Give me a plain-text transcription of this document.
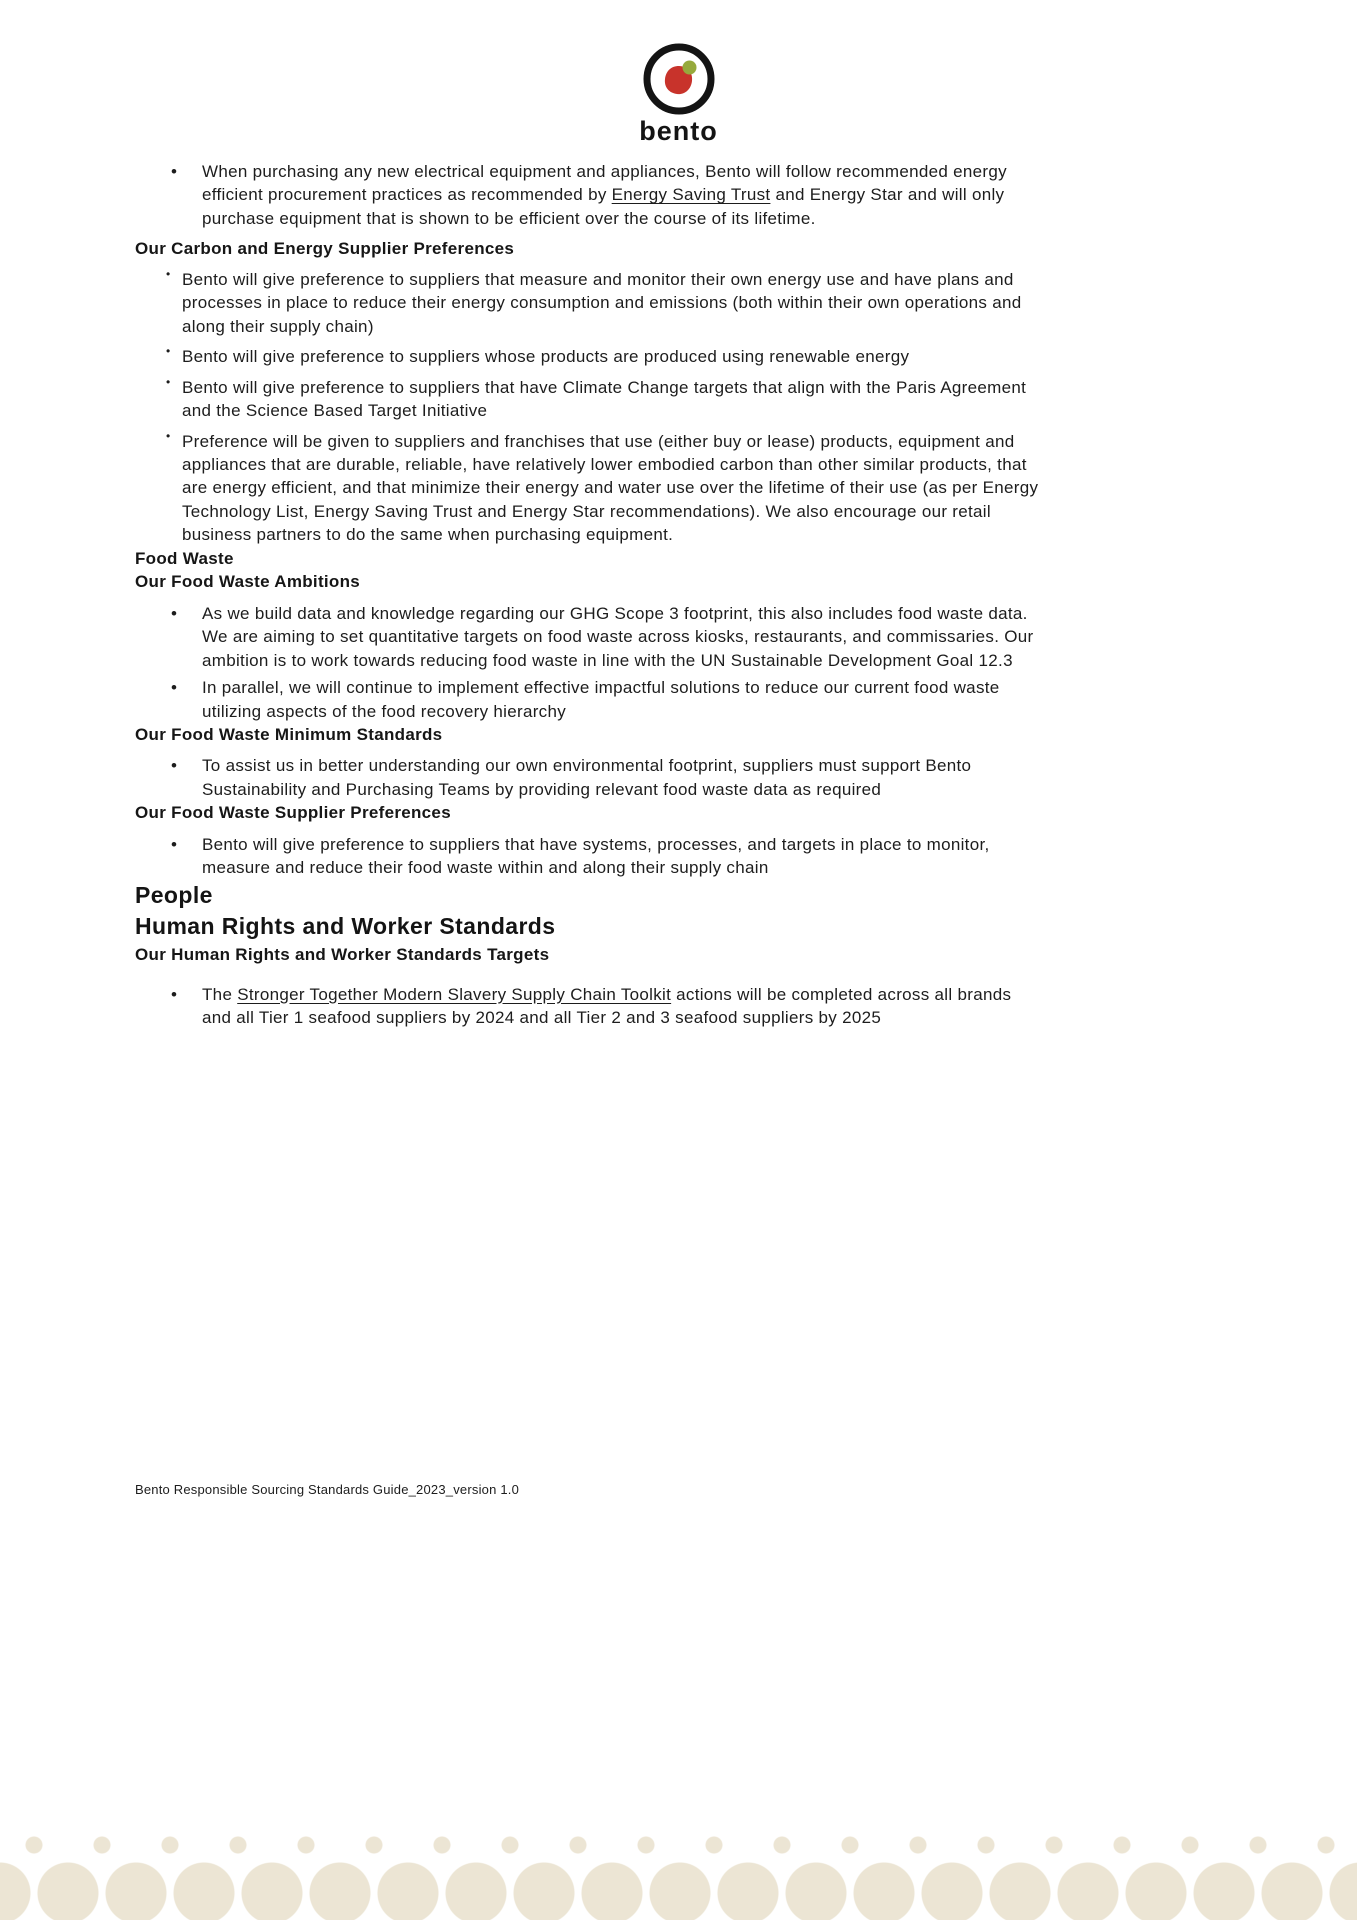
bento
• When purchasing any new electrical equipment and appliances, Bento will follow recommended energy efficient procurement practices as recommended by Energy Saving Trust and Energy Star and will only purchase equipment that is shown to be efficient over the course of its lifetime.
Our Carbon and Energy Supplier Preferences
• Bento will give preference to suppliers that measure and monitor their own energy use and have plans and processes in place to reduce their energy consumption and emissions (both within their own operations and along their supply chain)
• Bento will give preference to suppliers whose products are produced using renewable energy
• Bento will give preference to suppliers that have Climate Change targets that align with the Paris Agreement and the Science Based Target Initiative
• Preference will be given to suppliers and franchises that use (either buy or lease) products, equipment and appliances that are durable, reliable, have relatively lower embodied carbon than other similar products, that are energy efficient, and that minimize their energy and water use over the lifetime of their use (as per Energy Technology List, Energy Saving Trust and Energy Star recommendations). We also encourage our retail business partners to do the same when purchasing equipment.
Food Waste
Our Food Waste Ambitions
• As we build data and knowledge regarding our GHG Scope 3 footprint, this also includes food waste data. We are aiming to set quantitative targets on food waste across kiosks, restaurants, and commissaries. Our ambition is to work towards reducing food waste in line with the UN Sustainable Development Goal 12.3
• In parallel, we will continue to implement effective impactful solutions to reduce our current food waste utilizing aspects of the food recovery hierarchy
Our Food Waste Minimum Standards
• To assist us in better understanding our own environmental footprint, suppliers must support Bento Sustainability and Purchasing Teams by providing relevant food waste data as required
Our Food Waste Supplier Preferences
• Bento will give preference to suppliers that have systems, processes, and targets in place to monitor, measure and reduce their food waste within and along their supply chain
People
Human Rights and Worker Standards
Our Human Rights and Worker Standards Targets
• The Stronger Together Modern Slavery Supply Chain Toolkit actions will be completed across all brands and all Tier 1 seafood suppliers by 2024 and all Tier 2 and 3 seafood suppliers by 2025
Bento Responsible Sourcing Standards Guide_2023_version 1.0
